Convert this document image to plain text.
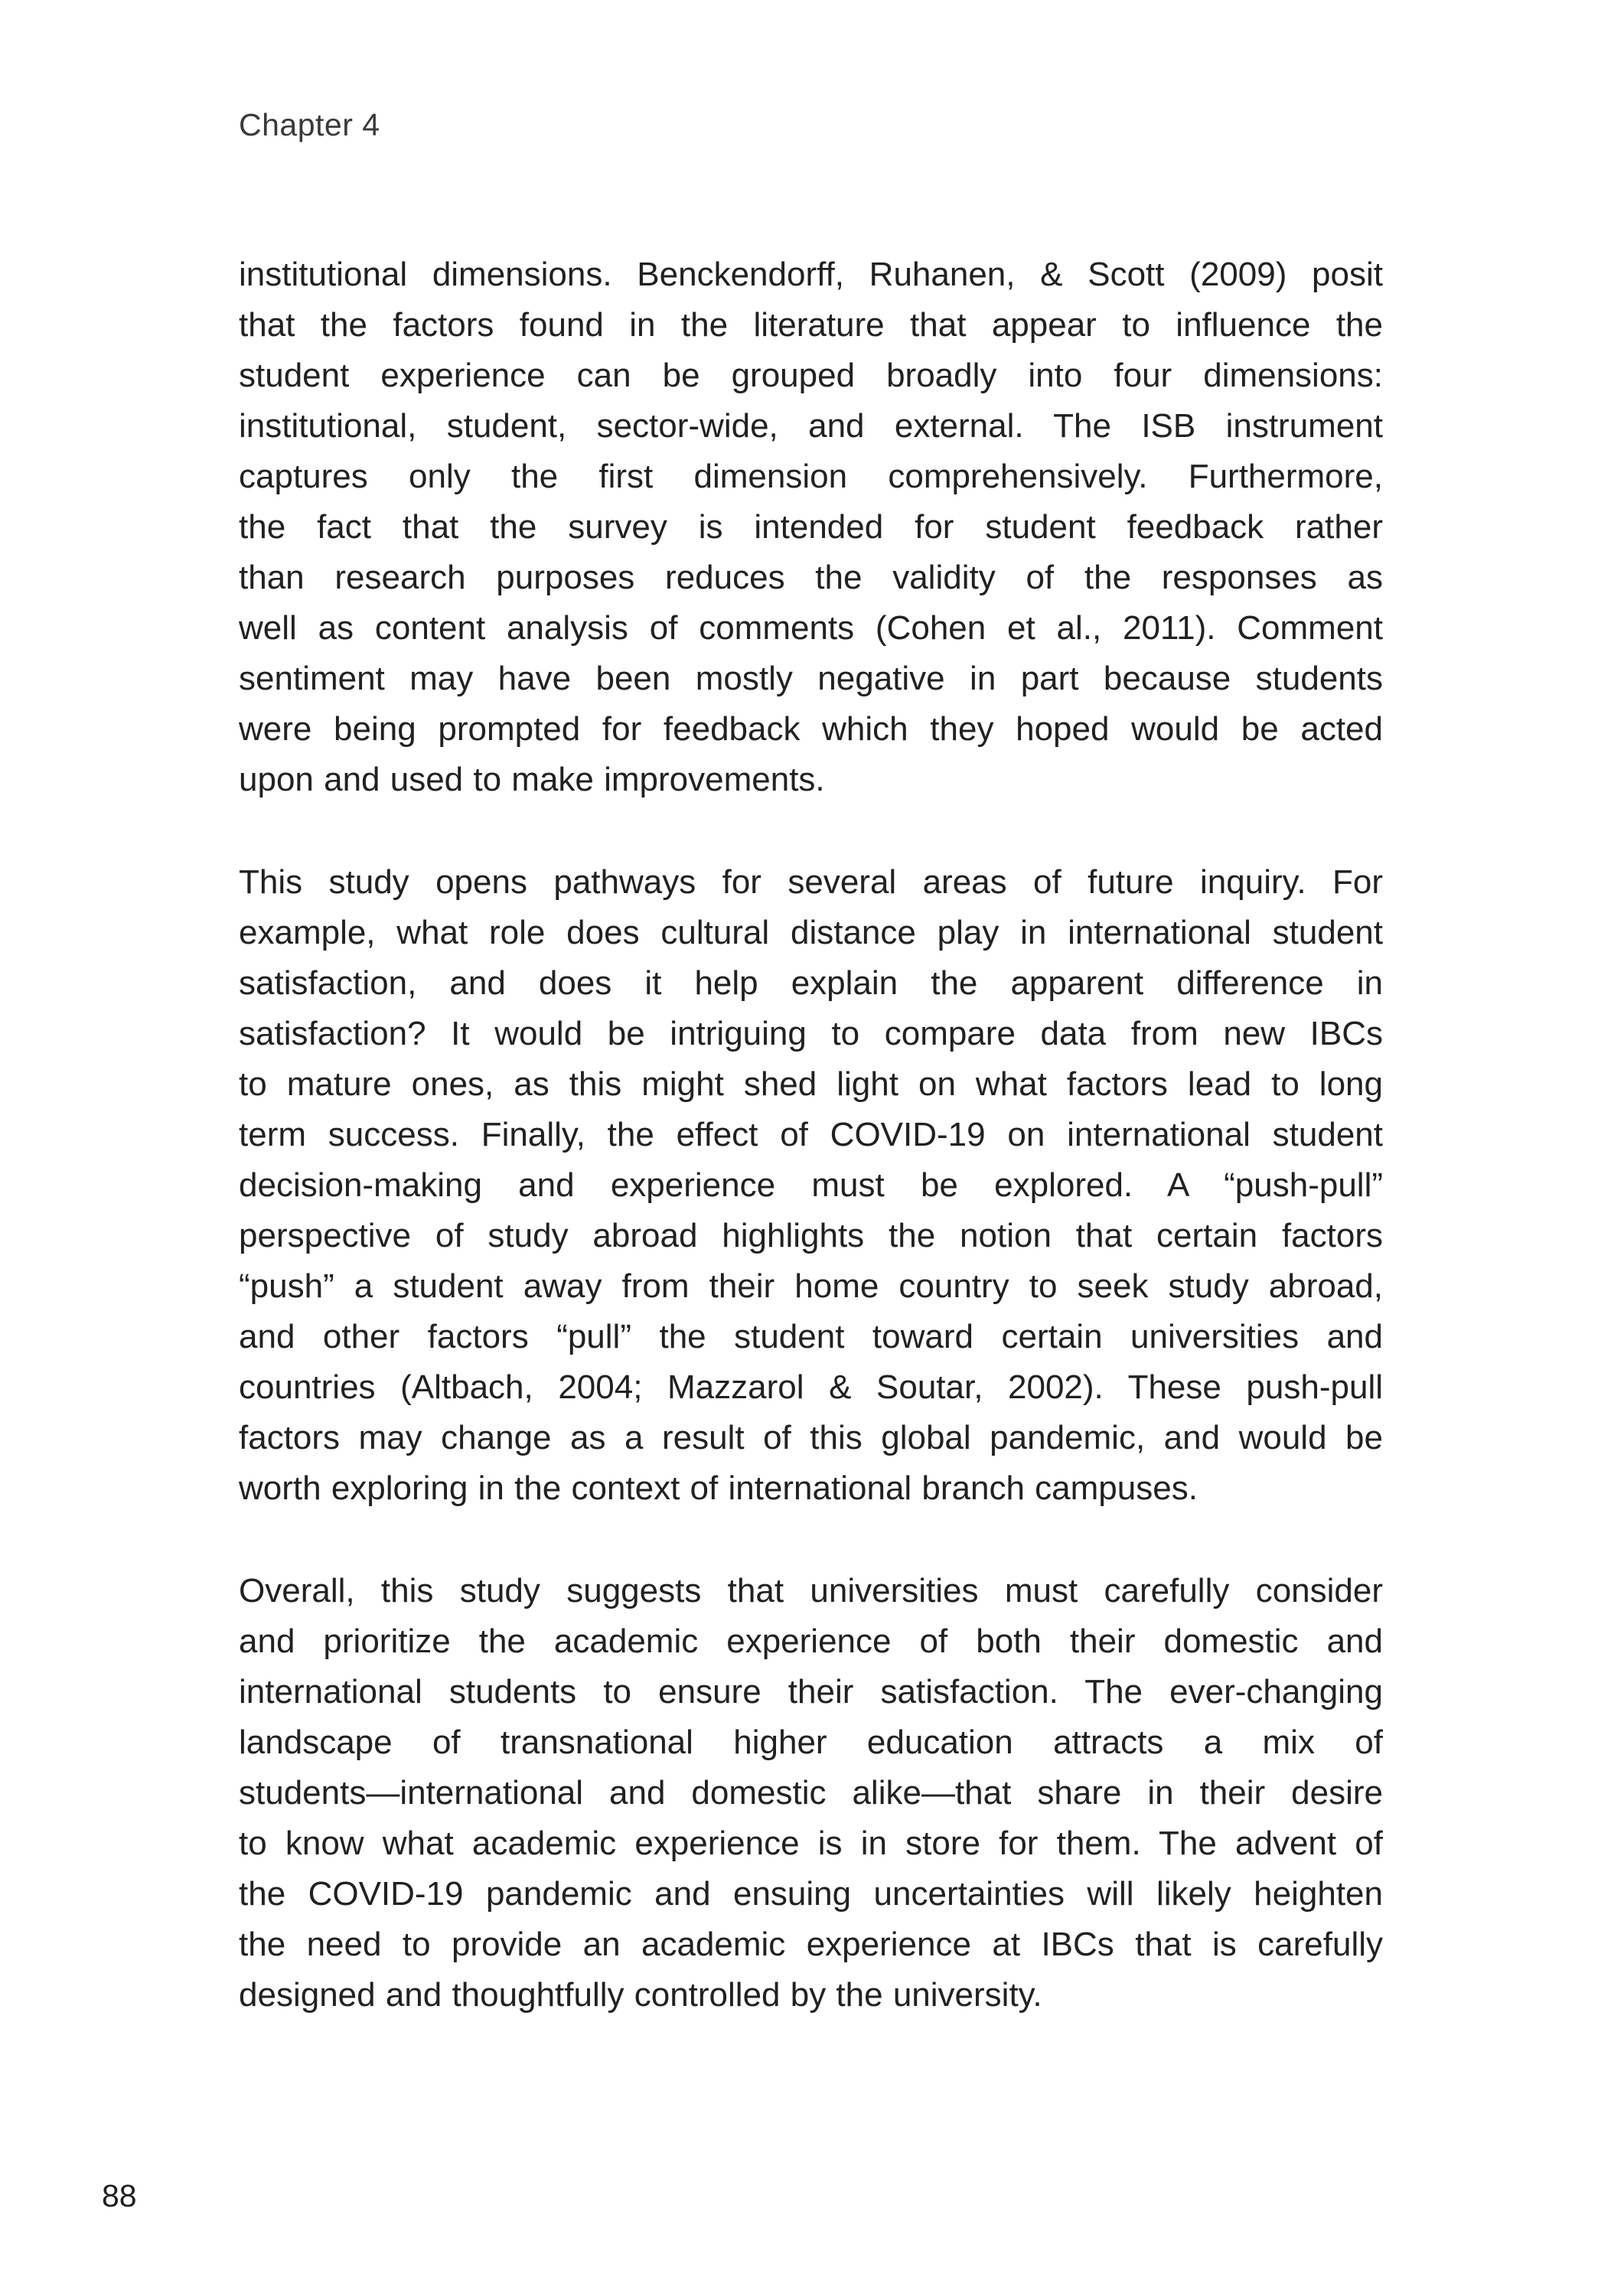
Chapter 4

institutional dimensions. Benckendorff, Ruhanen, & Scott (2009) posit
that the factors found in the literature that appear to influence the
student experience can be grouped broadly into four dimensions:
institutional, student, sector-wide, and external. The ISB instrument
captures only the first dimension comprehensively. Furthermore,
the fact that the survey is intended for student feedback rather
than research purposes reduces the validity of the responses as
well as content analysis of comments (Cohen et al., 2011). Comment
sentiment may have been mostly negative in part because students
were being prompted for feedback which they hoped would be acted
upon and used to make improvements.

This study opens pathways for several areas of future inquiry. For
example, what role does cultural distance play in international student
satisfaction, and does it help explain the apparent difference in
satisfaction? It would be intriguing to compare data from new IBCs
to mature ones, as this might shed light on what factors lead to long
term success. Finally, the effect of COVID-19 on international student
decision-making and experience must be explored. A “push-pull”
perspective of study abroad highlights the notion that certain factors
“push” a student away from their home country to seek study abroad,
and other factors “pull” the student toward certain universities and
countries (Altbach, 2004; Mazzarol & Soutar, 2002). These push-pull
factors may change as a result of this global pandemic, and would be
worth exploring in the context of international branch campuses.

Overall, this study suggests that universities must carefully consider
and prioritize the academic experience of both their domestic and
international students to ensure their satisfaction. The ever-changing
landscape of transnational higher education attracts a mix of
students—international and domestic alike—that share in their desire
to know what academic experience is in store for them. The advent of
the COVID-19 pandemic and ensuing uncertainties will likely heighten
the need to provide an academic experience at IBCs that is carefully
designed and thoughtfully controlled by the university.

88
